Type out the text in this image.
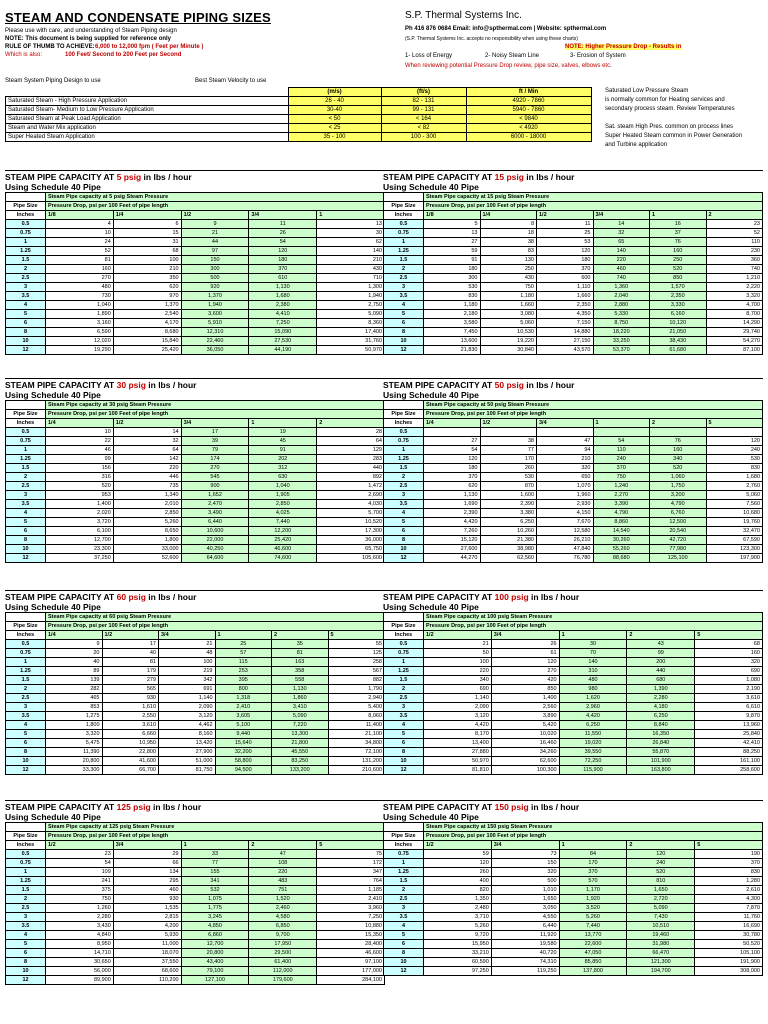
STEAM AND CONDENSATE PIPING SIZES
Please use with care, and understanding of Steam Piping design
NOTE: This document is being supplied for reference only
RULE OF THUMB TO ACHIEVE: 6,000 to 12,000 fpm ( Feet per Minute )
Which is also:	100 Feet/ Second to 200 Feet per Second
Steam System Piping Design to use	Best Steam Velocity to use
S.P. Thermal Systems Inc.
Ph 416 876 0684 Email: info@spthermal.com | Website: spthermal.com
(S.P. Thermal Systems Inc. accepts no responsibility when using these charts)
NOTE: Higher Pressure Drop - Results in
1- Loss of Energy	2- Noisy Steam Line	3- Erosion of System
When reviewing potential Pressure Drop review, pipe size, valves, elbows etc.
	(m/s)	(ft/s)	ft / Min
Saturated Steam - High Pressure Application	26 - 40	82 - 131	4920 - 7860
Saturated Steam- Medium to Low Pressure Application	30-40	99 - 131	5940 - 7860
Saturated Steam at Peak Load Application	< 50	< 164	< 9840
Steam and Water Mix application	< 25	< 82	< 4920
Super Heated Steam Application	35 - 100	100 - 300	6000 - 18000
Saturated Low Pressure Steam
is normally common for Heating services and
secondary process steam. Review Temperatures
Sat. steam High Pres. common on process lines
Super Heated Steam common in Power Generation
and Turbine application
STEAM PIPE CAPACITY AT 5 psig in lbs / hour
Using Schedule 40 Pipe
	Steam Pipe capacity at 5 psig Steam Pressure				
Pipe Size	Pressure Drop, psi per 100 Feet of pipe length				
Inches	1/8	1/4	1/2	3/4	1
0.5	4	6	9	11	13
0.75	10	15	21	26	30
1	24	31	44	54	62
1.25	52	68	97	120	140
1.5	81	100	150	180	210
2	160	210	300	370	430
2.5	270	350	500	610	710
3	480	620	920	1,130	1,300
3.5	730	970	1,370	1,680	1,940
4	1,040	1,370	1,940	2,380	2,750
5	1,890	2,540	3,600	4,410	5,090
6	3,160	4,170	5,910	7,250	8,360
8	6,590	8,680	12,310	15,090	17,400
10	12,020	15,840	22,460	27,530	31,760
12	19,290	25,420	36,050	44,190	50,970
STEAM PIPE CAPACITY AT 15 psig in lbs / hour
Using Schedule 40 Pipe
	Steam Pipe capacity at 15 psig Steam Pressure					
Pipe Size	Pressure Drop, psi per 100 Feet of pipe length					
Inches	1/8	1/4	1/2	3/4	1	2
0.5	5	8	11	14	16	23
0.75	13	18	25	32	37	52
1	27	38	53	65	76	110
1.25	59	83	120	140	160	230
1.5	91	130	180	220	250	360
2	180	250	370	460	520	740
2.5	300	430	600	740	850	1,210
3	530	750	1,110	1,360	1,570	2,220
3.5	830	1,180	1,660	2,040	2,350	3,320
4	1,180	1,660	2,350	2,880	3,330	4,700
5	2,180	3,080	4,350	5,330	6,160	8,700
6	3,580	5,060	7,150	8,750	10,120	14,290
8	7,450	10,530	14,880	18,220	21,050	29,740
10	13,600	19,220	27,150	33,250	38,430	54,270
12	21,830	30,840	43,570	53,370	61,680	87,100
STEAM PIPE CAPACITY AT 30 psig in lbs / hour
Using Schedule 40 Pipe
	Steam Pipe capacity at 30 psig Steam Pressure				
Pipe Size	Pressure Drop, psi per 100 Feet of pipe length				
Inches	1/4	1/2	3/4	1	2
0.5	10	14	17	19	28
0.75	22	32	39	45	64
1	46	64	79	91	129
1.25	99	142	174	202	283
1.5	156	220	270	312	440
2	316	446	545	630	892
2.5	520	735	900	1,040	1,472
3	953	1,340	1,652	1,905	2,690
3.5	1,400	2,010	2,470	2,850	4,030
4	2,020	2,850	3,490	4,025	5,700
5	3,720	5,260	6,440	7,440	10,520
6	6,100	8,650	10,600	12,200	17,300
8	12,700	1,800	22,000	25,420	36,000
10	23,300	33,000	40,250	46,600	65,750
12	37,250	52,600	64,600	74,600	105,600
STEAM PIPE CAPACITY AT 50 psig in lbs / hour
Using Schedule 40 Pipe
	Steam Pipe capacity at 50 psig Steam Pressure					
Pipe Size	Pressure Drop, psi per 100 Feet of pipe length					
Inches	1/4	1/2	3/4	1	2	5
0.5						
0.75	27	38	47	54	76	120
1	54	77	94	110	160	240
1.25	120	170	210	240	340	530
1.5	180	260	320	370	520	830
2	370	530	650	750	1,060	1,680
2.5	620	870	1,070	1,240	1,750	2,760
3	1,130	1,600	1,960	2,270	3,200	5,060
3.5	1,690	2,390	2,930	3,390	4,790	7,560
4	2,390	3,380	4,150	4,790	6,760	10,680
5	4,420	6,250	7,670	8,860	12,500	19,760
6	7,260	10,260	12,580	14,540	20,540	32,470
8	15,120	21,380	26,210	30,260	42,720	67,590
10	27,600	38,980	47,840	55,260	77,980	123,300
12	44,270	62,560	76,780	88,680	125,100	197,900
STEAM PIPE CAPACITY AT 60 psig in lbs / hour
Using Schedule 40 Pipe
	Steam Pipe capacity at 60 psig Steam Pressure					
Pipe Size	Pressure Drop, psi per 100 Feet of pipe length					
Inches	1/4	1/2	3/4	1	2	5
0.5	9	17	21	25	35	55
0.75	20	40	48	57	81	125
1	40	81	100	115	163	258
1.25	89	179	219	253	358	567
1.5	139	279	342	395	558	882
2	282	565	691	800	1,130	1,790
2.5	465	930	1,140	1,318	1,860	2,940
3	853	1,610	2,090	2,410	3,410	5,400
3.5	1,275	2,550	3,120	3,605	5,090	8,060
4	1,800	3,610	4,462	5,100	7,220	11,400
5	3,320	6,660	8,160	9,440	13,300	21,100
6	5,475	10,950	13,420	15,640	21,800	34,800
8	11,390	22,800	27,900	32,200	45,550	72,100
10	20,800	41,600	51,000	58,800	83,250	131,200
12	33,300	66,700	81,750	94,500	133,200	210,600
STEAM PIPE CAPACITY AT 100 psig in lbs / hour
Using Schedule 40 Pipe
	Steam Pipe capacity at 100 psig Steam Pressure				
Pipe Size	Pressure Drop, psi per 100 Feet of pipe length				
Inches	1/2	3/4	1	2	5
0.5	21	26	30	43	68
0.75	50	61	70	99	160
1	100	120	140	200	320
1.25	220	270	310	440	690
1.5	340	420	480	680	1,080
2	690	850	980	1,390	2,190
2.5	1,140	1,400	1,620	2,280	3,610
3	2,090	2,560	2,960	4,180	6,610
3.5	3,120	3,890	4,420	6,250	9,870
4	4,420	5,420	6,250	8,840	13,960
5	8,170	10,020	11,550	16,350	25,840
6	13,400	16,460	19,020	26,840	42,410
8	27,880	34,260	39,550	55,870	88,250
10	50,970	62,600	72,250	101,900	161,100
12	81,810	100,300	115,900	163,800	258,600
STEAM PIPE CAPACITY AT 125 psig in lbs / hour
Using Schedule 40 Pipe
	Steam Pipe capacity at 125 psig Steam Pressure				
Pipe Size	Pressure Drop, psi per 100 Feet of pipe length				
Inches	1/2	3/4	1	2	5
0.5	23	29	33	47	75
0.75	54	66	77	108	172
1	109	134	155	220	347
1.25	241	295	341	483	764
1.5	375	460	532	751	1,185
2	750	930	1,075	1,520	2,410
2.5	1,260	1,535	1,775	2,460	3,960
3	2,280	2,815	3,245	4,580	7,250
3.5	3,430	4,200	4,850	6,850	10,880
4	4,840	5,930	6,860	9,700	15,350
5	8,950	11,000	12,700	17,950	28,400
6	14,710	18,070	20,800	29,500	46,600
8	30,650	37,550	43,400	61,400	97,100
10	56,000	68,600	79,100	112,000	177,000
12	89,900	110,200	127,100	179,600	284,100
STEAM PIPE CAPACITY AT 150 psig in lbs / hour
Using Schedule 40 Pipe
	Steam Pipe capacity at 150 psig Steam Pressure				
Pipe Size	Pressure Drop, psi per 100 Feet of pipe length				
Inches	1/2	3/4	1	2	5
0.75	59	73	84	120	190
1	120	150	170	240	370
1.25	260	320	370	520	830
1.5	400	500	570	810	1,280
2	820	1,010	1,170	1,650	2,610
2.5	1,350	1,650	1,920	2,720	4,300
3	2,480	3,050	3,520	5,090	7,870
3.5	3,710	4,550	5,260	7,430	11,760
4	5,260	6,440	7,440	10,510	16,690
5	9,720	11,920	13,770	19,460	30,780
6	15,950	19,580	22,600	31,980	50,520
8	33,210	40,720	47,050	66,470	105,100
10	60,590	74,310	85,850	121,300	191,900
12	97,250	119,250	137,800	194,700	308,000
